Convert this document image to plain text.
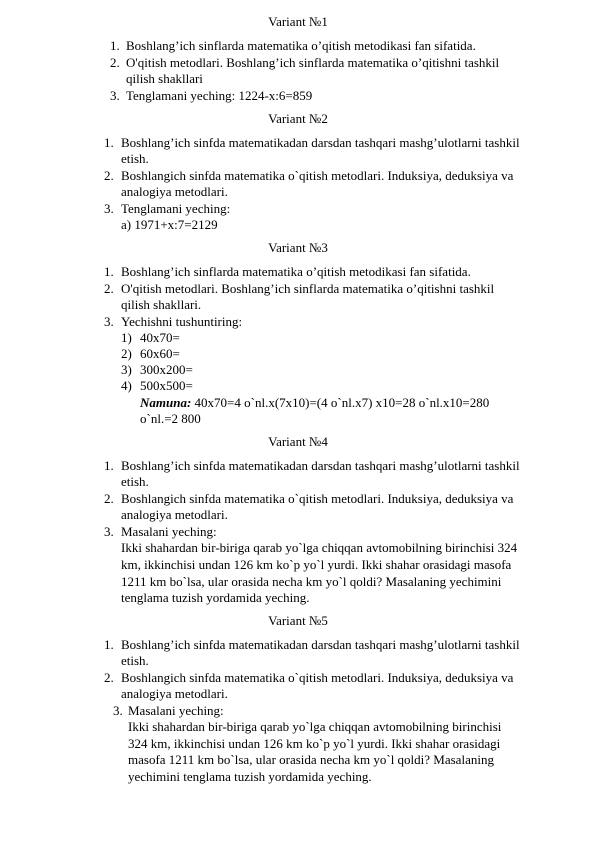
Variant №1
1. Boshlang’ich sinflarda matematika o’qitish metodikasi fan sifatida.
2. O'qitish metodlari. Boshlang’ich sinflarda matematika o’qitishni tashkil
qilish shakllari
3. Tenglamani yeching: 1224-x:6=859
Variant №2
1. Boshlang’ich sinfda matematikadan darsdan tashqari mashg’ulotlarni tashkil
etish.
2. Boshlangich sinfda matematika o`qitish metodlari. Induksiya, deduksiya va
analogiya metodlari.
3. Tenglamani yeching:
a) 1971+x:7=2129
Variant №3
1. Boshlang’ich sinflarda matematika o’qitish metodikasi fan sifatida.
2. O'qitish metodlari. Boshlang’ich sinflarda matematika o’qitishni tashkil
qilish shakllari.
3. Yechishni tushuntiring:
1) 40x70=
2) 60x60=
3) 300x200=
4) 500x500=
Namuna: 40x70=4 o`nl.x(7x10)=(4 o`nl.x7) x10=28 o`nl.x10=280
o`nl.=2 800
Variant №4
1. Boshlang’ich sinfda matematikadan darsdan tashqari mashg’ulotlarni tashkil
etish.
2. Boshlangich sinfda matematika o`qitish metodlari. Induksiya, deduksiya va
analogiya metodlari.
3. Masalani yeching:
Ikki shahardan bir-biriga qarab yo`lga chiqqan avtomobilning birinchisi 324
km, ikkinchisi undan 126 km ko`p yo`l yurdi. Ikki shahar orasidagi masofa
1211 km bo`lsa, ular orasida necha km yo`l qoldi? Masalaning yechimini
tenglama tuzish yordamida yeching.
Variant №5
1. Boshlang’ich sinfda matematikadan darsdan tashqari mashg’ulotlarni tashkil
etish.
2. Boshlangich sinfda matematika o`qitish metodlari. Induksiya, deduksiya va
analogiya metodlari.
3. Masalani yeching:
Ikki shahardan bir-biriga qarab yo`lga chiqqan avtomobilning birinchisi
324 km, ikkinchisi undan 126 km ko`p yo`l yurdi. Ikki shahar orasidagi
masofa 1211 km bo`lsa, ular orasida necha km yo`l qoldi? Masalaning
yechimini tenglama tuzish yordamida yeching.
